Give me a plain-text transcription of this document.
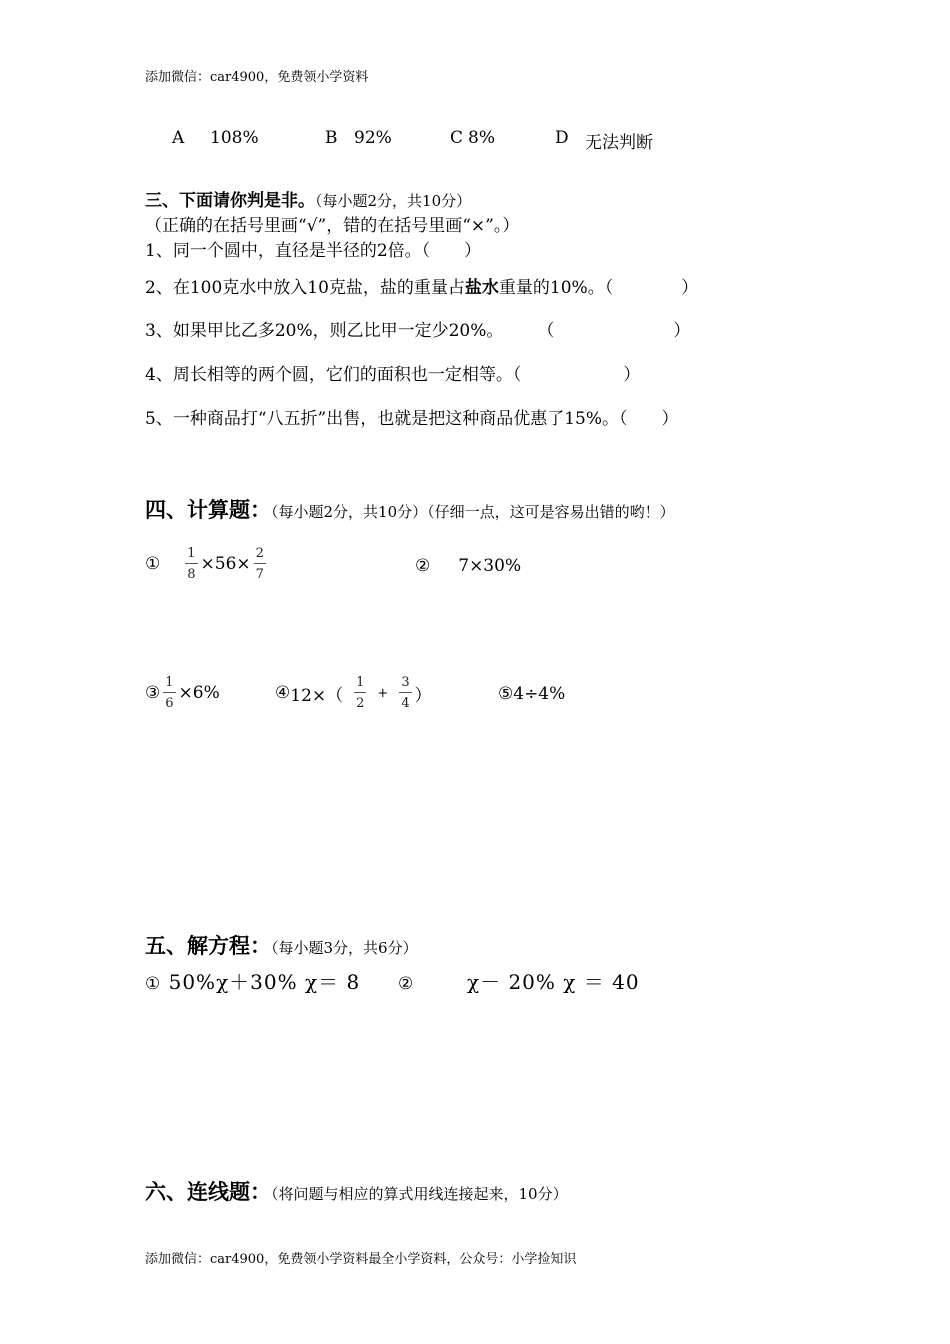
添加微信：car4900，免费领小学资料
A 108%	B 92%	C 8%	D 无法判断
三、下面请你判是非。（每小题2分，共10分）
（正确的在括号里画“√”，错的在括号里画“×”。）
1、同一个圆中，直径是半径的2倍。（　　）
2、在100克水中放入10克盐，盐的重量占盐水重量的10%。（　　　　）
3、如果甲比乙多20%，则乙比甲一定少20%。　　　（　　　　　　　）
4、周长相等的两个圆，它们的面积也一定相等。（　　　　　　）
5、一种商品打“八五折”出售，也就是把这种商品优惠了15%。（　　）
四、计算题：（每小题2分，共10分）（仔细一点，这可是容易出错的哟！）
① $\frac{1}{8} \times 56\times \frac{2}{7}$	② 7×30%
③ $\frac{1}{6} \times 6\%$	④ $12\times( \frac{1}{2} + \frac{3}{4}$ ）	⑤4÷4%
五、解方程：（每小题3分，共6分）
① 50%χ＋30% χ＝ 8 ②	χ－ 20% χ ＝ 40
六、连线题：（将问题与相应的算式用线连接起来，10分）
添加微信：car4900，免费领小学资料最全小学资料，公众号：小学捡知识
